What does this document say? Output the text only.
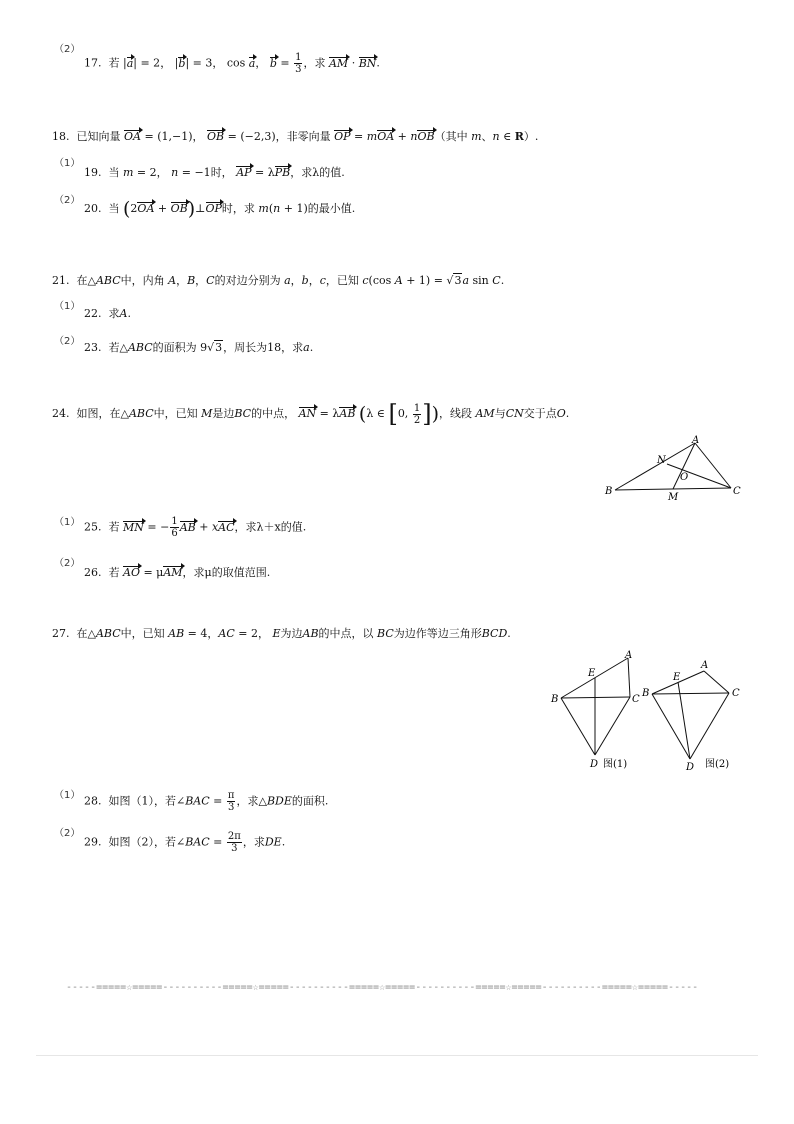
（2）
17. 若 |a| = 2， |b| = 3， cos a， $b = \frac{1}{3}$ ，求 AM · BN.
18. 已知向量 OA = (1,−1)， OB = (−2,3)，非零向量 OP = mOA + nOB（其中 m、n ∈ R）.
（1）
19. 当 m = 2， n = −1时， AP = λPB，求λ的值.
（2）
20. 当 (2OA + OB)⊥OP时，求 m(n + 1)的最小值.
21. 在△ABC中，内角 A，B，C的对边分别为 a，b，c，已知 c(cos A + 1) = √3a sin C.
（1）
22. 求A.
（2） 23. 若△ABC的面积为 9√3，周长为18，求a.
24. 如图，在△ABC中，已知 M是边BC的中点， AN = λAB (λ ∈ [0, $\frac{1}{2}$ ])，线段 AM与CN交于点O.
A
N
O
B
M
C
（1） 25. 若 MN = − $\frac{1}{6}$ AB + xAC，求λ＋x的值.
（2）
26. 若 AO = μAM，求μ的取值范围.
27. 在△ABC中，已知 AB = 4，AC = 2， E为边AB的中点，以 BC为边作等边三角形BCD.
B
E
A
C
D 图(1)
B
E
A
C
D 图(2)
（1） 28. 如图（1），若∠BAC = $\frac{\pi}{3}$ ，求△BDE的面积.
（2）
29. 如图（2），若∠BAC = $\frac{2\pi}{3}$ ，求DE.
-----=====☆=====----------=====☆=====----------=====☆=====----------=====☆=====----------=====☆=====-----
